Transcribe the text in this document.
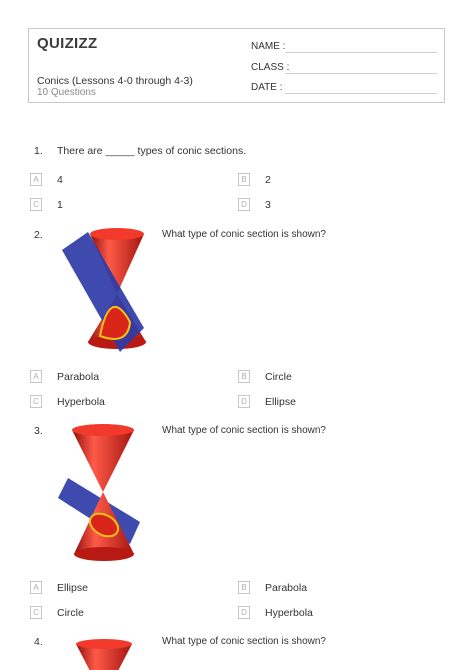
QUIZIZZ
Conics (Lessons 4-0 through 4-3)
10 Questions
NAME :
CLASS :
DATE :
1. There are _____ types of conic sections.
A	4	B	2
C 1	D 3
2.	What type of conic section is shown?
A	Parabola	B	Circle
C Hyperbola	D Ellipse
3.	What type of conic section is shown?
A	Ellipse	B	Parabola
C Circle	D Hyperbola
4.	What type of conic section is shown?
